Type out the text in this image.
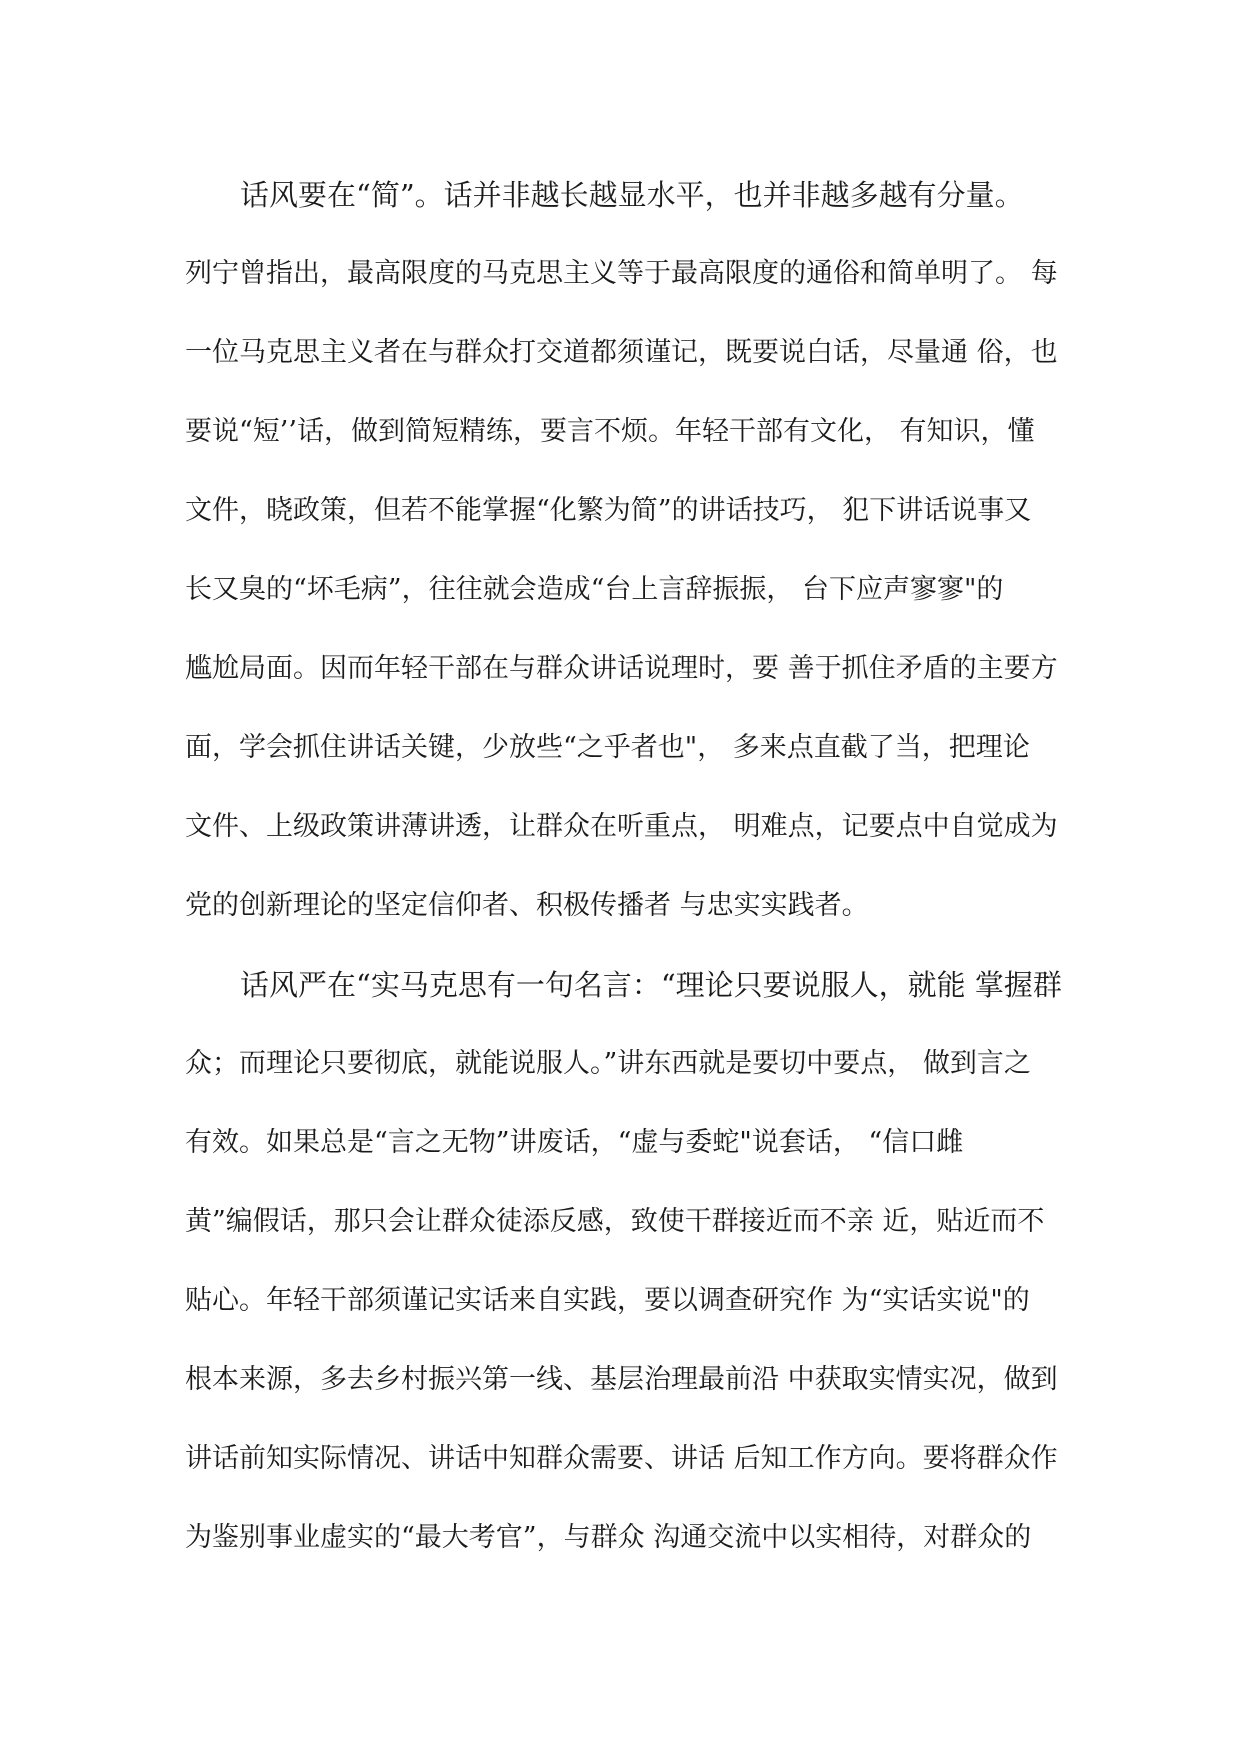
话风要在“简”。话并非越长越显水平，也并非越多越有分量。
列宁曾指出，最高限度的马克思主义等于最高限度的通俗和简单明了。 每
一位马克思主义者在与群众打交道都须谨记，既要说白话，尽量通 俗，也
要说“短’’话，做到简短精练，要言不烦。年轻干部有文化， 有知识，懂
文件，晓政策，但若不能掌握“化繁为简”的讲话技巧， 犯下讲话说事又
长又臭的“坏毛病”，往往就会造成“台上言辞振振， 台下应声寥寥"的
尴尬局面。因而年轻干部在与群众讲话说理时，要 善于抓住矛盾的主要方
面，学会抓住讲话关键，少放些“之乎者也"， 多来点直截了当，把理论
文件、上级政策讲薄讲透，让群众在听重点， 明难点，记要点中自觉成为
党的创新理论的坚定信仰者、积极传播者 与忠实实践者。
话风严在“实马克思有一句名言：“理论只要说服人，就能 掌握群
众；而理论只要彻底，就能说服人。”讲东西就是要切中要点， 做到言之
有效。如果总是“言之无物”讲废话，“虚与委蛇"说套话， “信口雌
黄”编假话，那只会让群众徒添反感，致使干群接近而不亲 近，贴近而不
贴心。年轻干部须谨记实话来自实践，要以调查研究作 为“实话实说"的
根本来源，多去乡村振兴第一线、基层治理最前沿 中获取实情实况，做到
讲话前知实际情况、讲话中知群众需要、讲话 后知工作方向。要将群众作
为鉴别事业虚实的“最大考官”，与群众 沟通交流中以实相待，对群众的
